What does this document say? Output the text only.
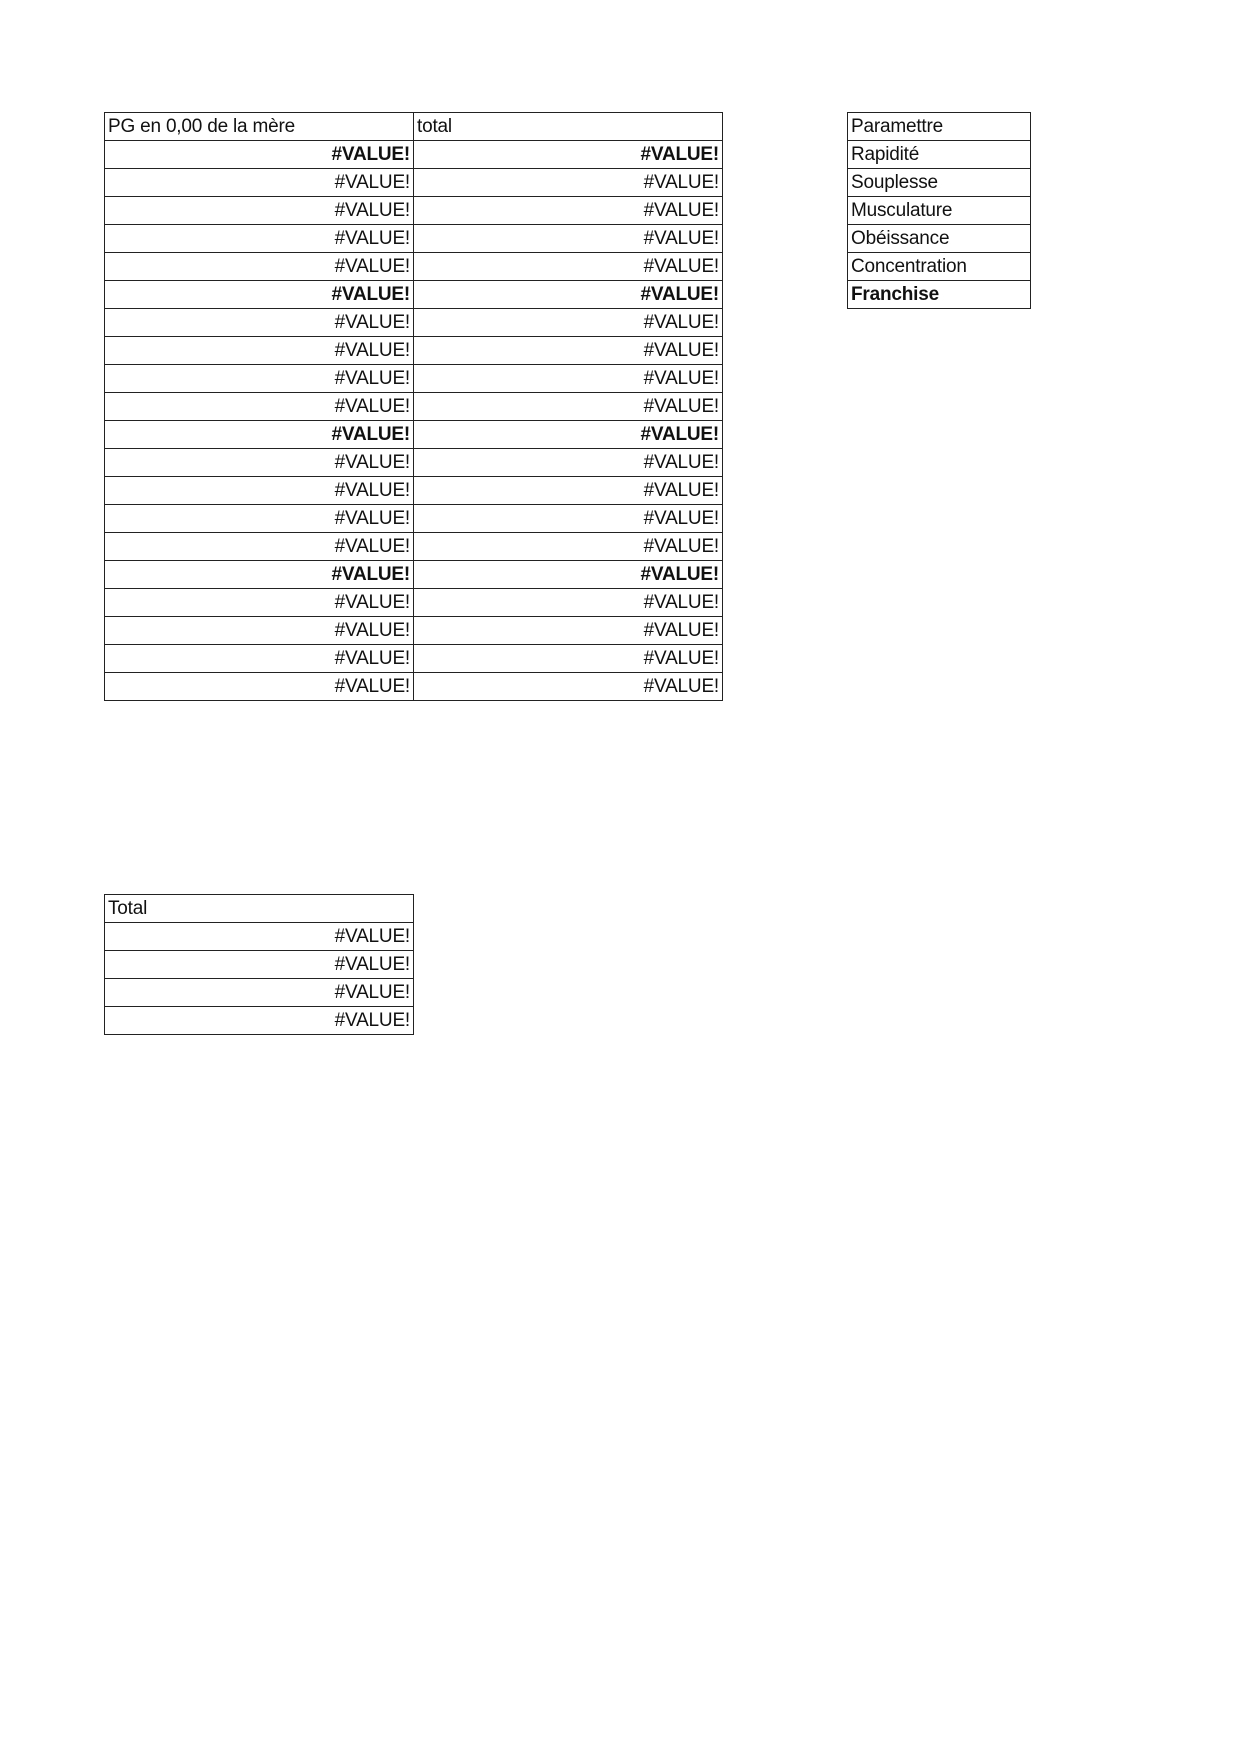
PG en 0,00 de la mère	total
#VALUE!	#VALUE!
#VALUE!	#VALUE!
#VALUE!	#VALUE!
#VALUE!	#VALUE!
#VALUE!	#VALUE!
#VALUE!	#VALUE!
#VALUE!	#VALUE!
#VALUE!	#VALUE!
#VALUE!	#VALUE!
#VALUE!	#VALUE!
#VALUE!	#VALUE!
#VALUE!	#VALUE!
#VALUE!	#VALUE!
#VALUE!	#VALUE!
#VALUE!	#VALUE!
#VALUE!	#VALUE!
#VALUE!	#VALUE!
#VALUE!	#VALUE!
#VALUE!	#VALUE!
#VALUE!	#VALUE!
Paramettre
Rapidité
Souplesse
Musculature
Obéissance
Concentration
Franchise
Total
#VALUE!
#VALUE!
#VALUE!
#VALUE!
